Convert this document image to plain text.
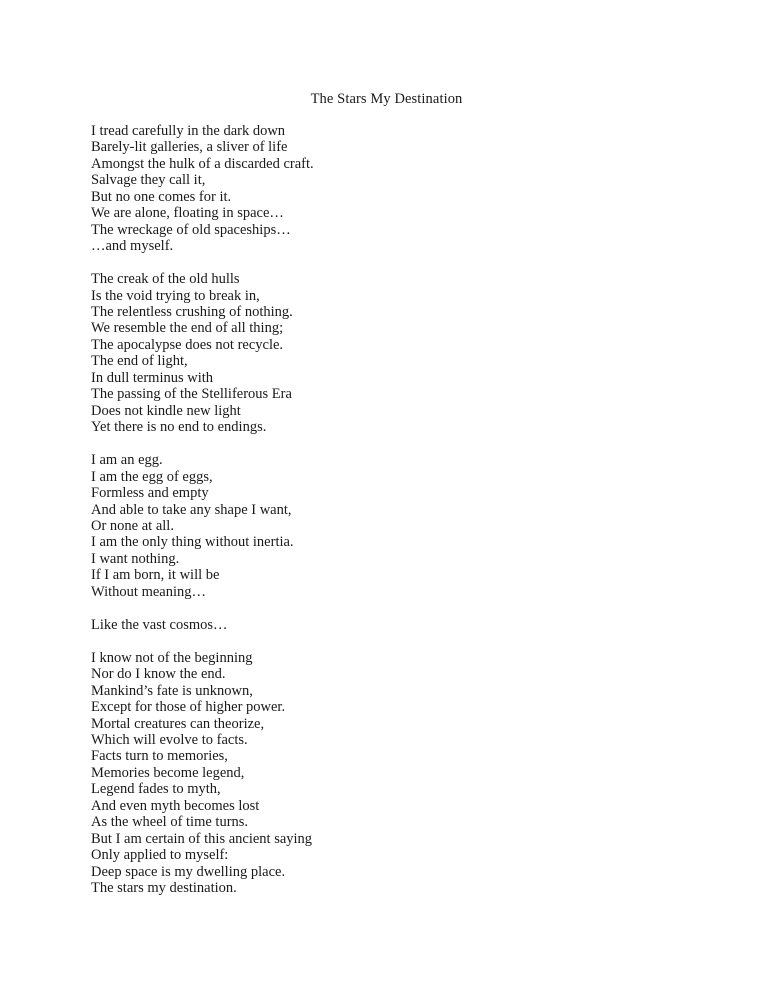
The Stars My Destination
I tread carefully in the dark down
Barely-lit galleries, a sliver of life
Amongst the hulk of a discarded craft.
Salvage they call it,
But no one comes for it.
We are alone, floating in space…
The wreckage of old spaceships…
…and myself.
The creak of the old hulls
Is the void trying to break in,
The relentless crushing of nothing.
We resemble the end of all thing;
The apocalypse does not recycle.
The end of light,
In dull terminus with
The passing of the Stelliferous Era
Does not kindle new light
Yet there is no end to endings.
I am an egg.
I am the egg of eggs,
Formless and empty
And able to take any shape I want,
Or none at all.
I am the only thing without inertia.
I want nothing.
If I am born, it will be
Without meaning…
Like the vast cosmos…
I know not of the beginning
Nor do I know the end.
Mankind’s fate is unknown,
Except for those of higher power.
Mortal creatures can theorize,
Which will evolve to facts.
Facts turn to memories,
Memories become legend,
Legend fades to myth,
And even myth becomes lost
As the wheel of time turns.
But I am certain of this ancient saying
Only applied to myself:
Deep space is my dwelling place.
The stars my destination.
